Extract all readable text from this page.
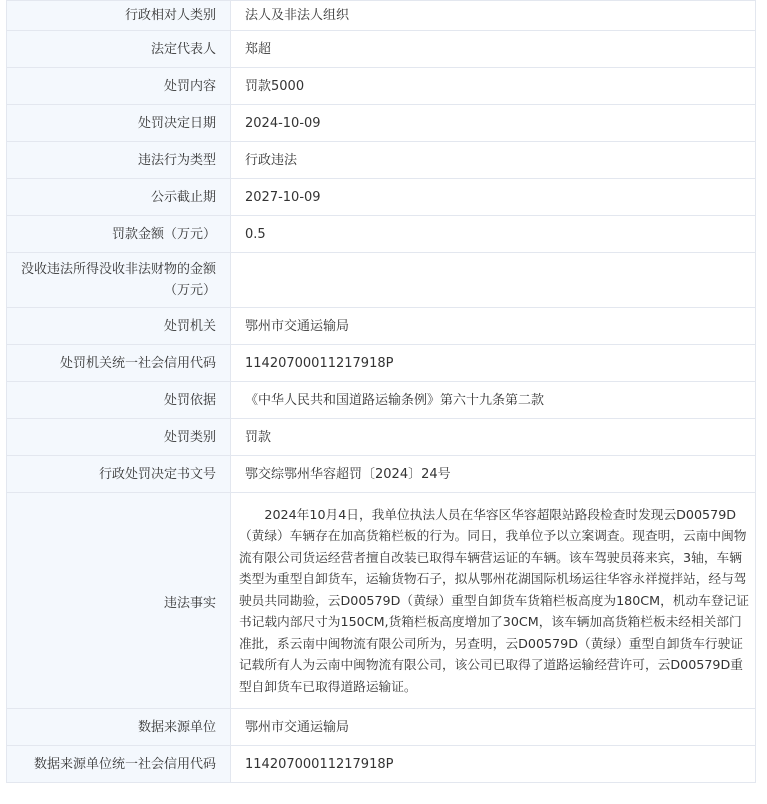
行政相对人类别	法人及非法人组织
法定代表人	郑超
处罚内容	罚款5000
处罚决定日期	2024-10-09
违法行为类型	行政违法
公示截止期	2027-10-09
罚款金额（万元）	0.5
没收违法所得没收非法财物的金额（万元）	
处罚机关	鄂州市交通运输局
处罚机关统一社会信用代码	11420700011217918P
处罚依据	《中华人民共和国道路运输条例》第六十九条第二款
处罚类别	罚款
行政处罚决定书文号	鄂交综鄂州华容超罚〔2024〕24号
违法事实	2024年10月4日，我单位执法人员在华容区华容超限站路段检查时发现云D00579D（黄绿）车辆存在加高货箱栏板的行为。同日，我单位予以立案调查。现查明，云南中闽物流有限公司货运经营者擅自改装已取得车辆营运证的车辆。该车驾驶员蒋来宾，3轴，车辆类型为重型自卸货车，运输货物石子，拟从鄂州花湖国际机场运往华容永祥搅拌站，经与驾驶员共同勘验，云D00579D（黄绿）重型自卸货车货箱栏板高度为180CM，机动车登记证书记载内部尺寸为150CM,货箱栏板高度增加了30CM，该车辆加高货箱栏板未经相关部门准批，系云南中闽物流有限公司所为，另查明，云D00579D（黄绿）重型自卸货车行驶证记载所有人为云南中闽物流有限公司，该公司已取得了道路运输经营许可，云D00579D重型自卸货车已取得道路运输证。
数据来源单位	鄂州市交通运输局
数据来源单位统一社会信用代码	11420700011217918P
